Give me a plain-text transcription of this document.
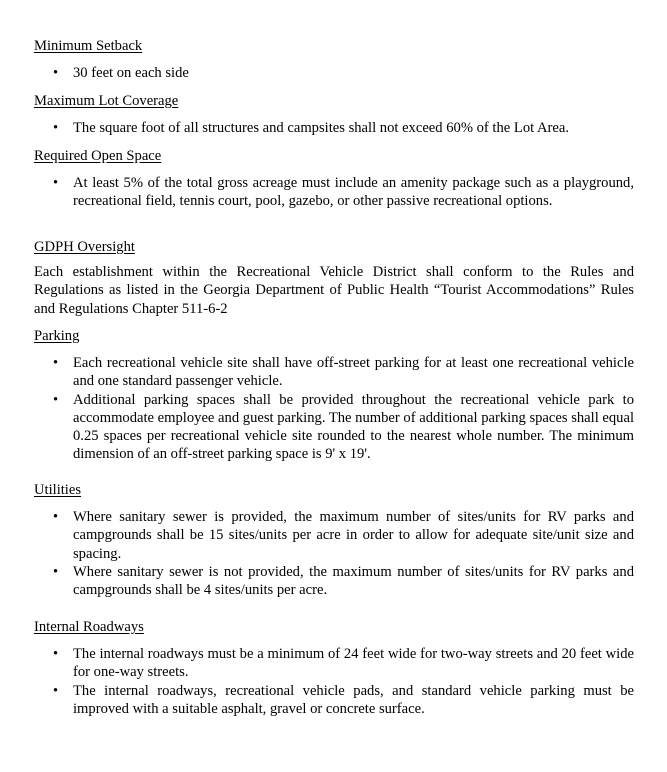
Minimum Setback
• 30 feet on each side
Maximum Lot Coverage
• The square foot of all structures and campsites shall not exceed 60% of the Lot Area.
Required Open Space
• At least 5% of the total gross acreage must include an amenity package such as a playground, recreational field, tennis court, pool, gazebo, or other passive recreational options.
GDPH Oversight

Each establishment within the Recreational Vehicle District shall conform to the Rules and Regulations as listed in the Georgia Department of Public Health “Tourist Accommodations” Rules and Regulations Chapter 511-6-2

Parking
• Each recreational vehicle site shall have off-street parking for at least one recreational vehicle and one standard passenger vehicle.
• Additional parking spaces shall be provided throughout the recreational vehicle park to accommodate employee and guest parking. The number of additional parking spaces shall equal 0.25 spaces per recreational vehicle site rounded to the nearest whole number. The minimum dimension of an off-street parking space is 9' x 19'.
Utilities
• Where sanitary sewer is provided, the maximum number of sites/units for RV parks and campgrounds shall be 15 sites/units per acre in order to allow for adequate site/unit size and spacing.
• Where sanitary sewer is not provided, the maximum number of sites/units for RV parks and campgrounds shall be 4 sites/units per acre.
Internal Roadways
• The internal roadways must be a minimum of 24 feet wide for two-way streets and 20 feet wide for one-way streets.
• The internal roadways, recreational vehicle pads, and standard vehicle parking must be improved with a suitable asphalt, gravel or concrete surface.
